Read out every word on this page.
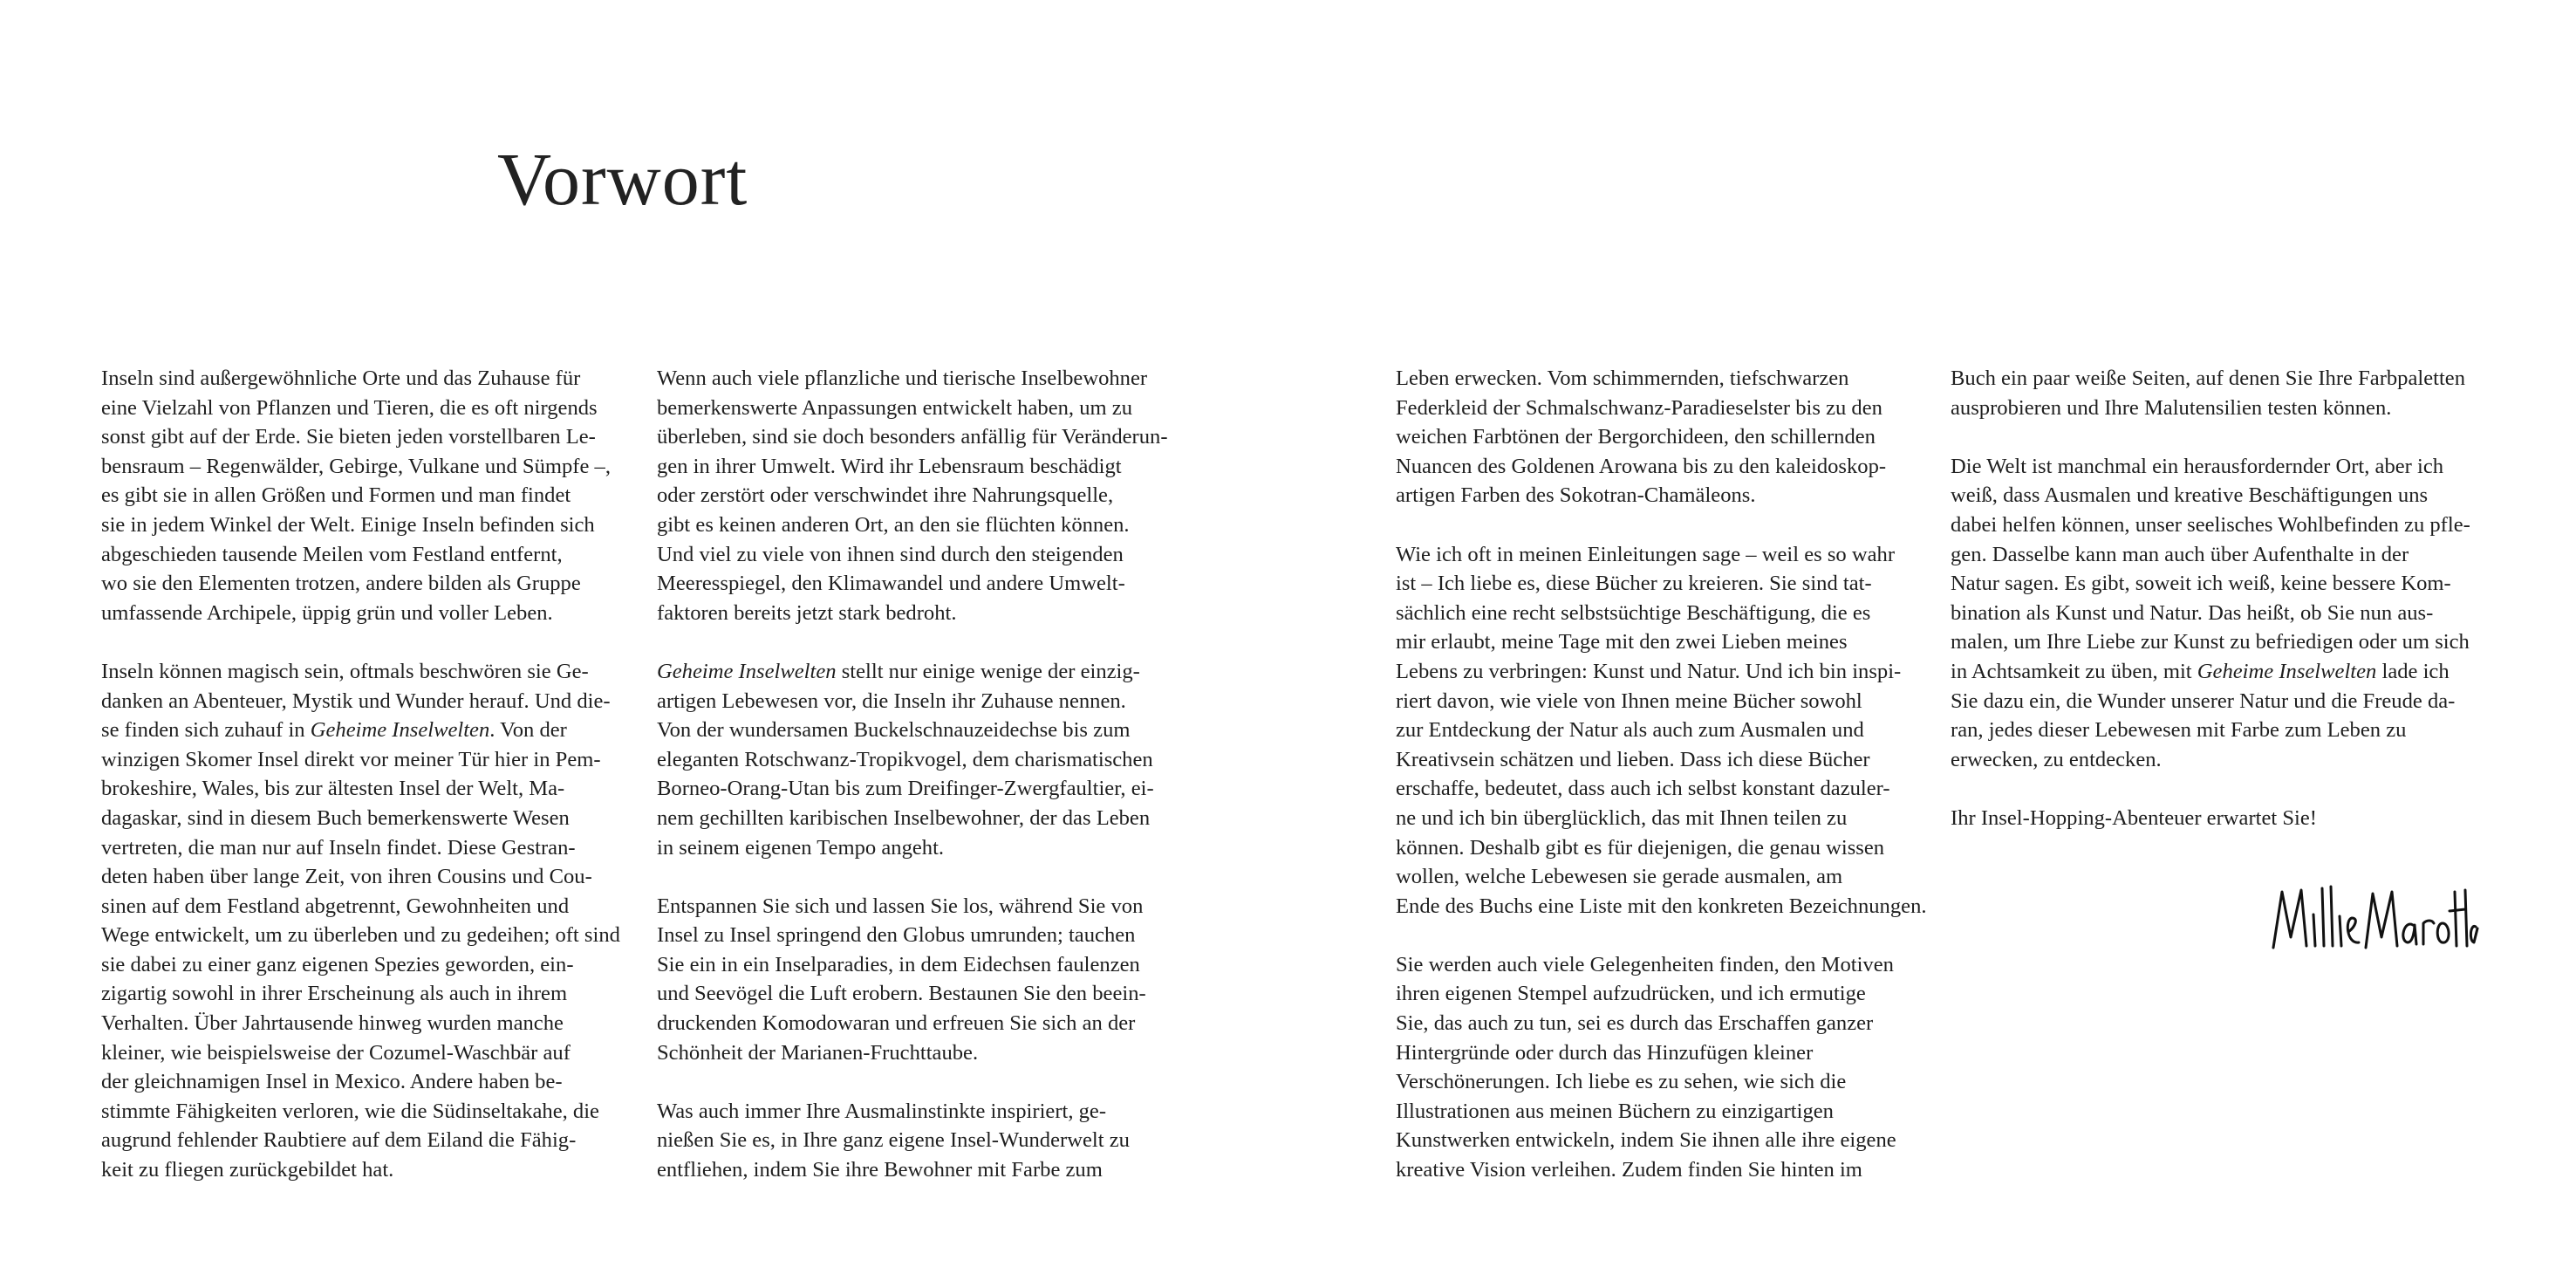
Vorwort

Inseln sind außergewöhnliche Orte und das Zuhause für
eine Vielzahl von Pflanzen und Tieren, die es oft nirgends
sonst gibt auf der Erde. Sie bieten jeden vorstellbaren Le-
bensraum – Regenwälder, Gebirge, Vulkane und Sümpfe –,
es gibt sie in allen Größen und Formen und man findet
sie in jedem Winkel der Welt. Einige Inseln befinden sich
abgeschieden tausende Meilen vom Festland entfernt,
wo sie den Elementen trotzen, andere bilden als Gruppe
umfassende Archipele, üppig grün und voller Leben.

Inseln können magisch sein, oftmals beschwören sie Ge-
danken an Abenteuer, Mystik und Wunder herauf. Und die-
se finden sich zuhauf in Geheime Inselwelten. Von der
winzigen Skomer Insel direkt vor meiner Tür hier in Pem-
brokeshire, Wales, bis zur ältesten Insel der Welt, Ma-
dagaskar, sind in diesem Buch bemerkenswerte Wesen
vertreten, die man nur auf Inseln findet. Diese Gestran-
deten haben über lange Zeit, von ihren Cousins und Cou-
sinen auf dem Festland abgetrennt, Gewohnheiten und
Wege entwickelt, um zu überleben und zu gedeihen; oft sind
sie dabei zu einer ganz eigenen Spezies geworden, ein-
zigartig sowohl in ihrer Erscheinung als auch in ihrem
Verhalten. Über Jahrtausende hinweg wurden manche
kleiner, wie beispielsweise der Cozumel-Waschbär auf
der gleichnamigen Insel in Mexico. Andere haben be-
stimmte Fähigkeiten verloren, wie die Südinseltakahe, die
augrund fehlender Raubtiere auf dem Eiland die Fähig-
keit zu fliegen zurückgebildet hat.

Wenn auch viele pflanzliche und tierische Inselbewohner
bemerkenswerte Anpassungen entwickelt haben, um zu
überleben, sind sie doch besonders anfällig für Veränderun-
gen in ihrer Umwelt. Wird ihr Lebensraum beschädigt
oder zerstört oder verschwindet ihre Nahrungsquelle,
gibt es keinen anderen Ort, an den sie flüchten können.
Und viel zu viele von ihnen sind durch den steigenden
Meeresspiegel, den Klimawandel und andere Umwelt-
faktoren bereits jetzt stark bedroht.

Geheime Inselwelten stellt nur einige wenige der einzig-
artigen Lebewesen vor, die Inseln ihr Zuhause nennen.
Von der wundersamen Buckelschnauzeidechse bis zum
eleganten Rotschwanz-Tropikvogel, dem charismatischen
Borneo-Orang-Utan bis zum Dreifinger-Zwergfaultier, ei-
nem gechillten karibischen Inselbewohner, der das Leben
in seinem eigenen Tempo angeht.

Entspannen Sie sich und lassen Sie los, während Sie von
Insel zu Insel springend den Globus umrunden; tauchen
Sie ein in ein Inselparadies, in dem Eidechsen faulenzen
und Seevögel die Luft erobern. Bestaunen Sie den beein-
druckenden Komodowaran und erfreuen Sie sich an der
Schönheit der Marianen-Fruchttaube.

Was auch immer Ihre Ausmalinstinkte inspiriert, ge-
nießen Sie es, in Ihre ganz eigene Insel-Wunderwelt zu
entfliehen, indem Sie ihre Bewohner mit Farbe zum

Leben erwecken. Vom schimmernden, tiefschwarzen
Federkleid der Schmalschwanz-Paradieselster bis zu den
weichen Farbtönen der Bergorchideen, den schillernden
Nuancen des Goldenen Arowana bis zu den kaleidoskop-
artigen Farben des Sokotran-Chamäleons.

Wie ich oft in meinen Einleitungen sage – weil es so wahr
ist – Ich liebe es, diese Bücher zu kreieren. Sie sind tat-
sächlich eine recht selbstsüchtige Beschäftigung, die es
mir erlaubt, meine Tage mit den zwei Lieben meines
Lebens zu verbringen: Kunst und Natur. Und ich bin inspi-
riert davon, wie viele von Ihnen meine Bücher sowohl
zur Entdeckung der Natur als auch zum Ausmalen und
Kreativsein schätzen und lieben. Dass ich diese Bücher
erschaffe, bedeutet, dass auch ich selbst konstant dazuler-
ne und ich bin überglücklich, das mit Ihnen teilen zu
können. Deshalb gibt es für diejenigen, die genau wissen
wollen, welche Lebewesen sie gerade ausmalen, am
Ende des Buchs eine Liste mit den konkreten Bezeichnungen.

Sie werden auch viele Gelegenheiten finden, den Motiven
ihren eigenen Stempel aufzudrücken, und ich ermutige
Sie, das auch zu tun, sei es durch das Erschaffen ganzer
Hintergründe oder durch das Hinzufügen kleiner
Verschönerungen. Ich liebe es zu sehen, wie sich die
Illustrationen aus meinen Büchern zu einzigartigen
Kunstwerken entwickeln, indem Sie ihnen alle ihre eigene
kreative Vision verleihen. Zudem finden Sie hinten im

Buch ein paar weiße Seiten, auf denen Sie Ihre Farbpaletten
ausprobieren und Ihre Malutensilien testen können.

Die Welt ist manchmal ein herausfordernder Ort, aber ich
weiß, dass Ausmalen und kreative Beschäftigungen uns
dabei helfen können, unser seelisches Wohlbefinden zu pfle-
gen. Dasselbe kann man auch über Aufenthalte in der
Natur sagen. Es gibt, soweit ich weiß, keine bessere Kom-
bination als Kunst und Natur. Das heißt, ob Sie nun aus-
malen, um Ihre Liebe zur Kunst zu befriedigen oder um sich
in Achtsamkeit zu üben, mit Geheime Inselwelten lade ich
Sie dazu ein, die Wunder unserer Natur und die Freude da-
ran, jedes dieser Lebewesen mit Farbe zum Leben zu
erwecken, zu entdecken.

Ihr Insel-Hopping-Abenteuer erwartet Sie!
